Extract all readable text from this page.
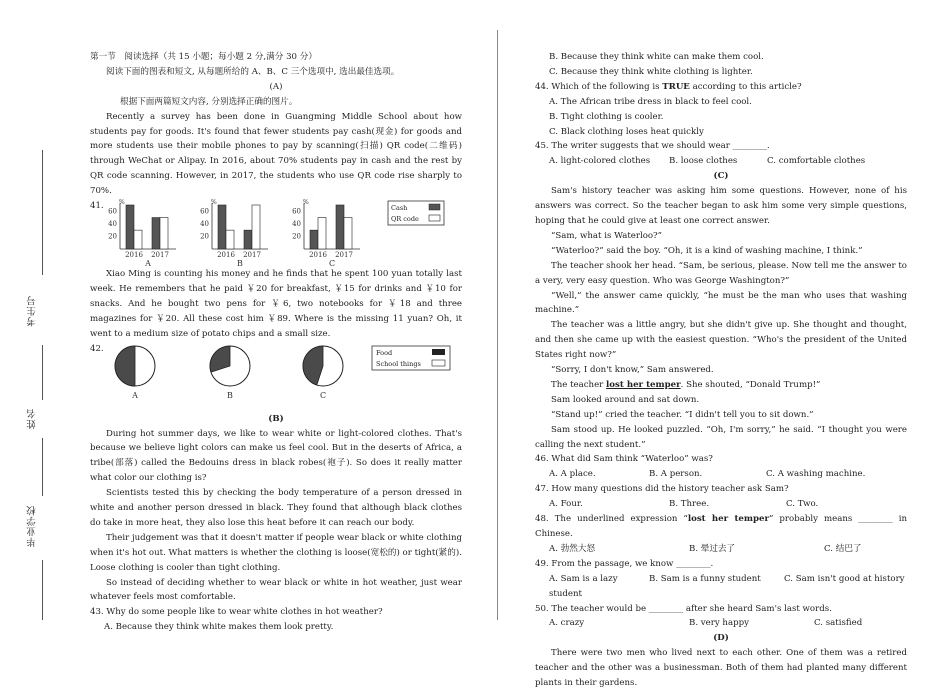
考生号
姓名
毕业学校

第一节　阅读选择（共 15 小题；每小题 2 分,满分 30 分）

阅读下面的图表和短文, 从每题所给的 A、B、C 三个选项中, 选出最佳选项。

(A)

根据下面两篇短文内容, 分别选择正确的图片。

Recently a survey has been done in Guangming Middle School about how students pay for goods. It's found that fewer students pay cash(现金) for goods and more students use their mobile phones to pay by scanning(扫描) QR code(二维码) through WeChat or Alipay. In 2016, about 70% students pay in cash and the rest by QR code scanning. However, in 2017, the students who use QR code rise sharply to 70%.

41.	%
60
40
20
2016 2017
A
%
60
40
20
2016 2017
B
%
60
40
20
2016 2017
C
Cash
QR code

Xiao Ming is counting his money and he finds that he spent 100 yuan totally last week. He remembers that he paid ￥20 for breakfast, ￥15 for drinks and ￥10 for snacks. And he bought two pens for ￥6, two notebooks for ￥18 and three magazines for ￥20. All these cost him ￥89. Where is the missing 11 yuan? Oh, it went to a medium size of potato chips and a small size.

42.
A	B	C
Food
School things

(B)

During hot summer days, we like to wear white or light-colored clothes. That's because we believe light colors can make us feel cool. But in the deserts of Africa, a tribe(部落) called the Bedouins dress in black robes(袍子). So does it really matter what color our clothing is?

Scientists tested this by checking the body temperature of a person dressed in white and another person dressed in black. They found that although black clothes do take in more heat, they also lose this heat before it can reach our body.

Their judgement was that it doesn't matter if people wear black or white clothing when it's hot out. What matters is whether the clothing is loose(宽松的) or tight(紧的). Loose clothing is cooler than tight clothing.

So instead of deciding whether to wear black or white in hot weather, just wear whatever feels most comfortable.

43. Why do some people like to wear white clothes in hot weather?

A. Because they think white makes them look pretty.

B. Because they think white can make them cool.

C. Because they think white clothing is lighter.

44. Which of the following is TRUE according to this article?

A. The African tribe dress in black to feel cool.

B. Tight clothing is cooler.

C. Black clothing loses heat quickly

45. The writer suggests that we should wear ________.

A. light-colored clothes	B. loose clothes	C. comfortable clothes

(C)

Sam's history teacher was asking him some questions. However, none of his answers was correct. So the teacher began to ask him some very simple questions, hoping that he could give at least one correct answer.

“Sam, what is Waterloo?”

“Waterloo?” said the boy. “Oh, it is a kind of washing machine, I think.”

The teacher shook her head. “Sam, be serious, please. Now tell me the answer to a very, very easy question. Who was George Washington?”

“Well,” the answer came quickly, “he must be the man who uses that washing machine.”

The teacher was a little angry, but she didn't give up. She thought and thought, and then she came up with the easiest question. “Who's the president of the United States right now?”

“Sorry, I don't know,” Sam answered.

The teacher lost her temper. She shouted, “Donald Trump!”

Sam looked around and sat down.

“Stand up!” cried the teacher. “I didn't tell you to sit down.”

Sam stood up. He looked puzzled. “Oh, I'm sorry,” he said. “I thought you were calling the next student.”

46. What did Sam think “Waterloo” was?

A. A place.	B. A person.	C. A washing machine.

47. How many questions did the history teacher ask Sam?

A. Four.	B. Three.	C. Two.

48. The underlined expression “lost her temper” probably means ________ in Chinese.

A. 勃然大怒	B. 晕过去了	C. 结巴了

49. From the passage, we know ________.

A. Sam is a lazy student
B. Sam is a funny student	C. Sam isn't good at history

50. The teacher would be ________ after she heard Sam's last words.

A. crazy	B. very happy	C. satisfied

(D)

There were two men who lived next to each other. One of them was a retired teacher and the other was a businessman. Both of them had planted many different plants in their gardens.
